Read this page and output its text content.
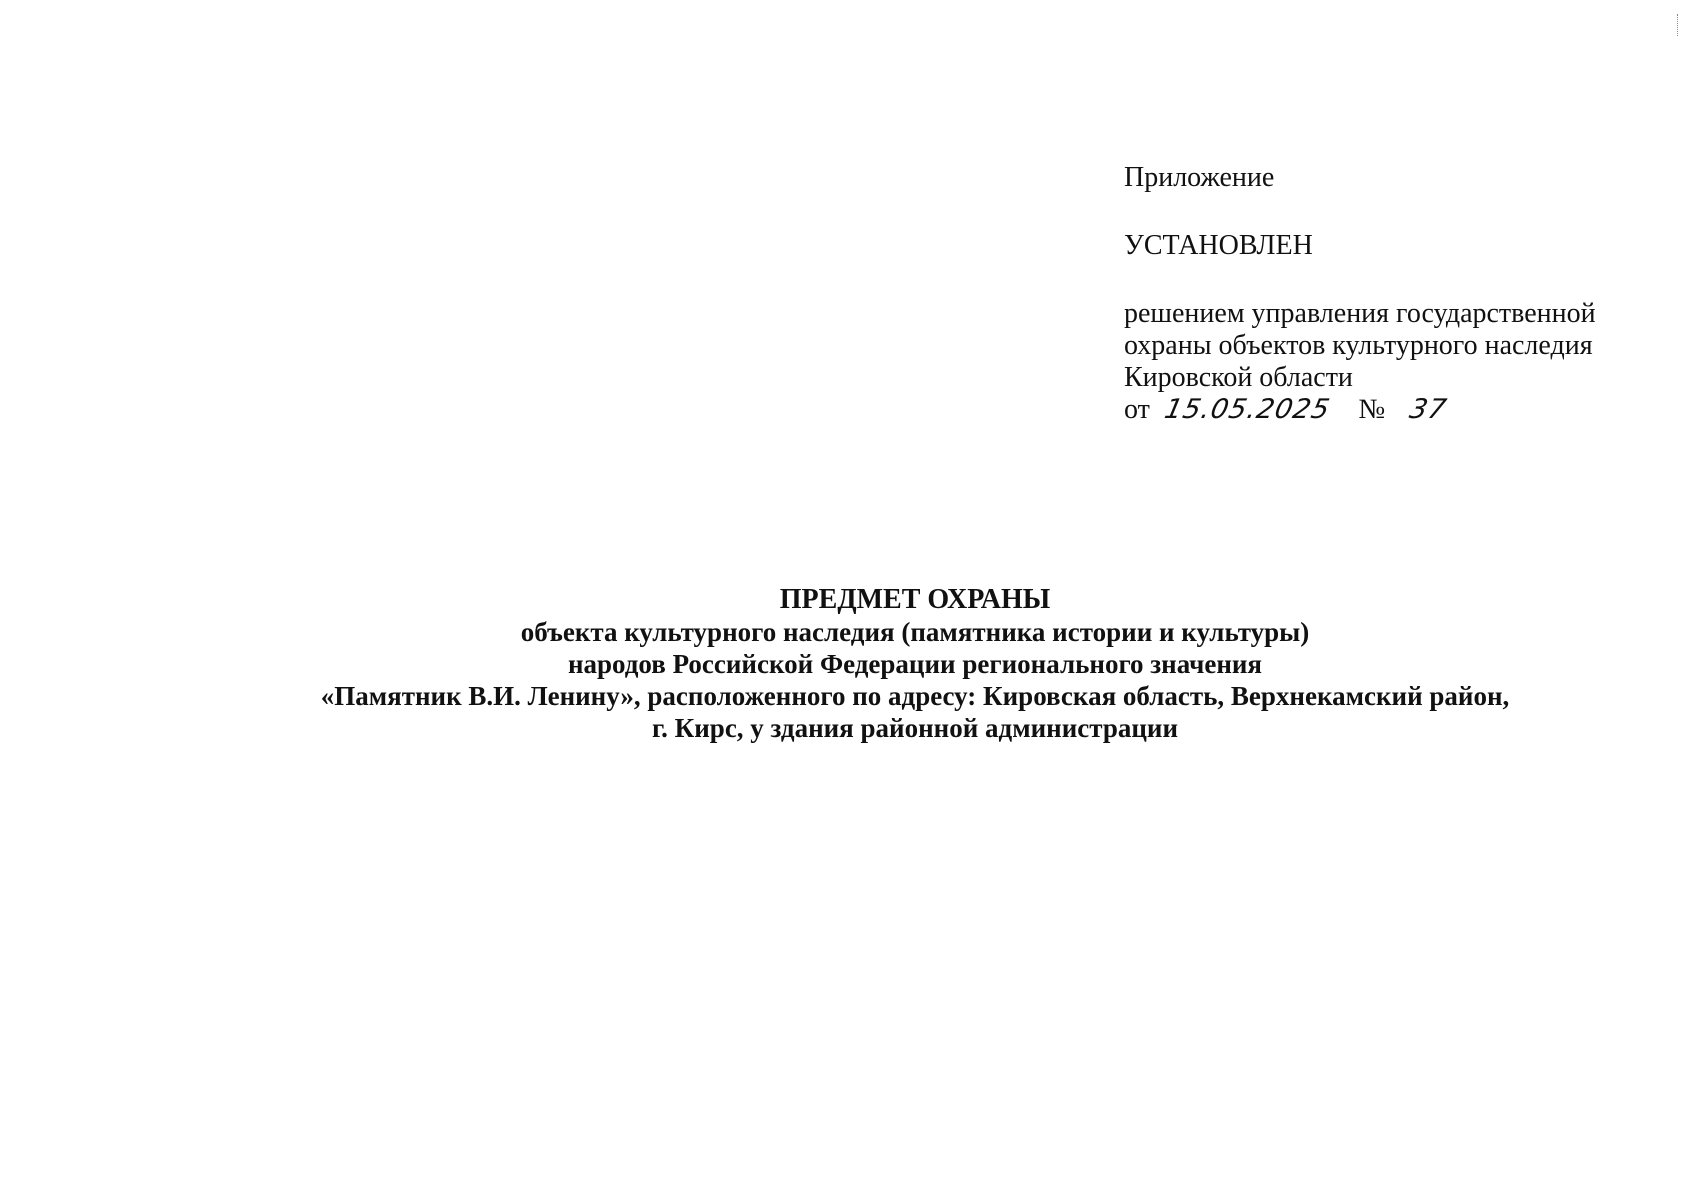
Приложение

УСТАНОВЛЕН

решением управления государственной

охраны объектов культурного наследия

Кировской области

от 15.05.2025 № 37

ПРЕДМЕТ ОХРАНЫ

объекта культурного наследия (памятника истории и культуры)

народов Российской Федерации регионального значения

«Памятник В.И. Ленину», расположенного по адресу: Кировская область, Верхнекамский район,

г. Кирс, у здания районной администрации
